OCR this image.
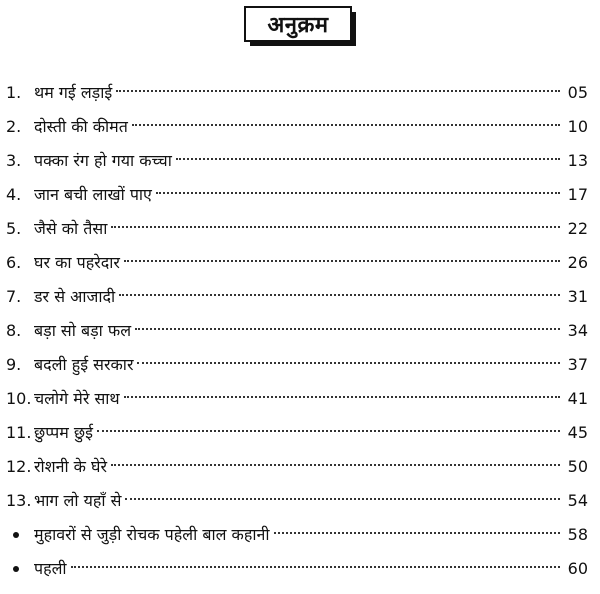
अनुक्रम
1. थम गई लड़ाई	05
2. दोस्ती की कीमत	10
3. पक्का रंग हो गया कच्चा	13
4. जान बची लाखों पाए	17
5. जैसे को तैसा	22
6. घर का पहरेदार	26
7. डर से आजादी	31
8. बड़ा सो बड़ा फल	34
9. बदली हुई सरकार	37
10. चलोगे मेरे साथ	41
11. छुप्पम छुई	45
12. रोशनी के घेरे	50
13. भाग लो यहाँ से	54
मुहावरों से जुड़ी रोचक पहेली बाल कहानी	58
पहली	60
